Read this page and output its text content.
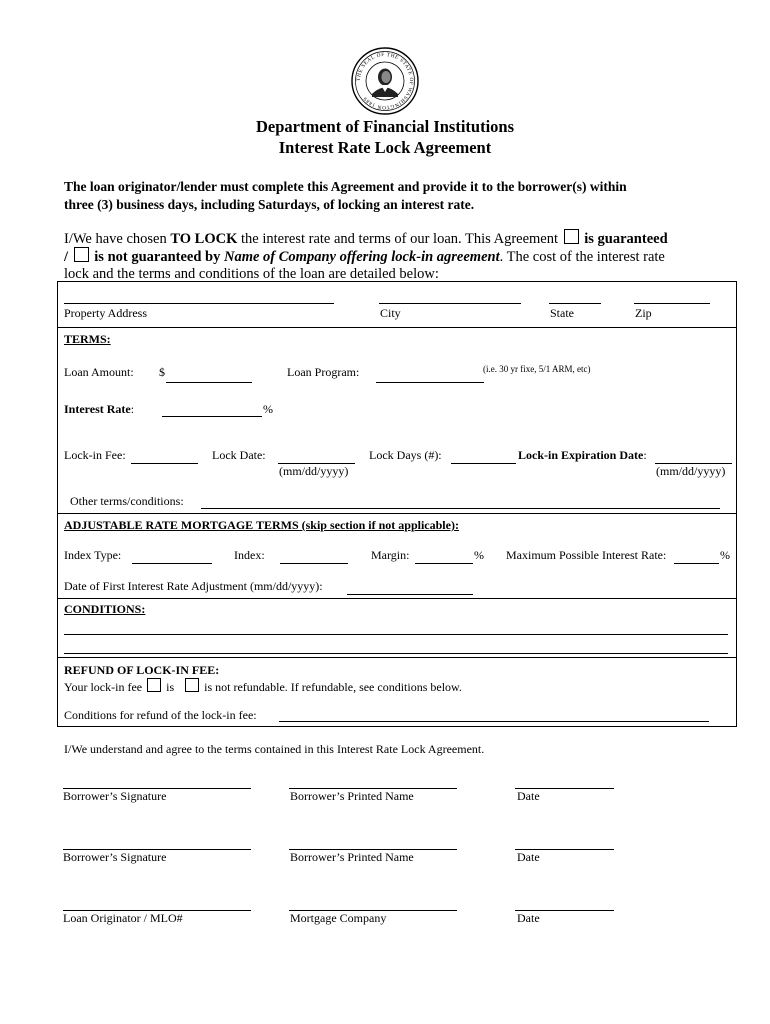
THE SEAL OF THE STATE OF WASHINGTON 1889
Department of Financial Institutions
Interest Rate Lock Agreement
The loan originator/lender must complete this Agreement and provide it to the borrower(s) within
three (3) business days, including Saturdays, of locking an interest rate.
I/We have chosen TO LOCK the interest rate and terms of our loan. This Agreement  is guaranteed
/  is not guaranteed by Name of Company offering lock-in agreement. The cost of the interest rate
lock and the terms and conditions of the loan are detailed below:
Property Address	City	State	Zip
TERMS:
Loan Amount: $	Loan Program:	(i.e. 30 yr fixe, 5/1 ARM, etc)
Interest Rate:	%
Lock-in Fee:	Lock Date:
(mm/dd/yyyy)
Lock Days (#):	Lock-in Expiration Date:
(mm/dd/yyyy)
Other terms/conditions:
ADJUSTABLE RATE MORTGAGE TERMS (skip section if not applicable):
Index Type:	Index:	Margin:	% Maximum Possible Interest Rate:	%
Date of First Interest Rate Adjustment (mm/dd/yyyy):
CONDITIONS:
REFUND OF LOCK-IN FEE:
Your lock-in fee is	is not refundable. If refundable, see conditions below.
Conditions for refund of the lock-in fee:
I/We understand and agree to the terms contained in this Interest Rate Lock Agreement.
Borrower’s Signature	Borrower’s Printed Name	Date
Borrower’s Signature	Borrower’s Printed Name	Date
Loan Originator / MLO#	Mortgage Company	Date
